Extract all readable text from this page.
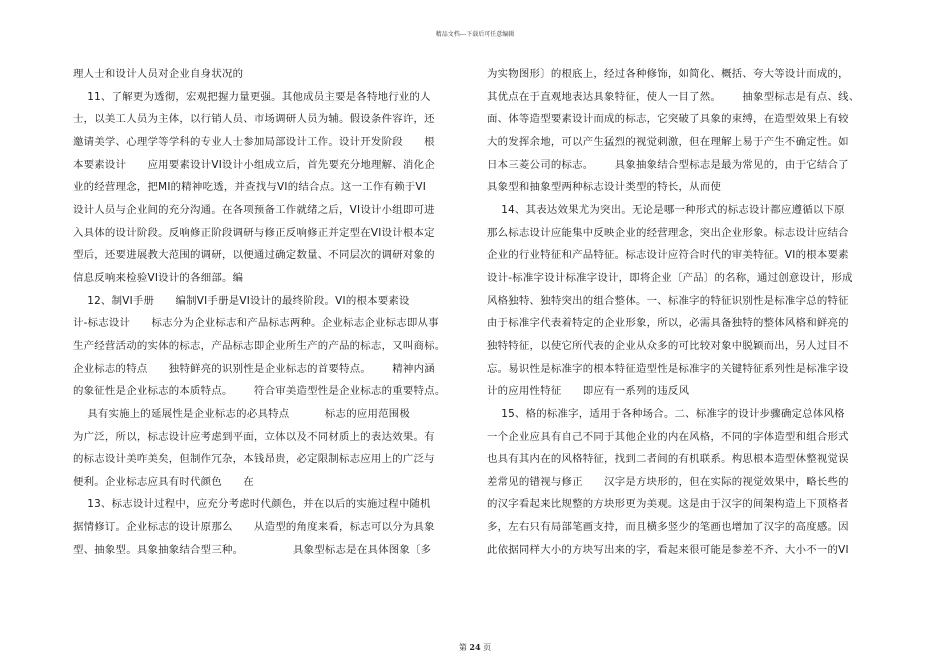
精品文档---下载后可任意编辑
理人士和设计人员对企业自身状况的
11、了解更为透彻，宏观把握力量更强。其他成员主要是各特地行业的人
士，以美工人员为主体，以行销人员、市场调研人员为辅。假设条件容许，还
邀请美学、心理学等学科的专业人士参加局部设计工作。设计开发阶段      根
本要素设计      应用要素设计VI设计小组成立后，首先要充分地理解、消化企
业的经营理念，把MI的精神吃透，并查找与VI的结合点。这一工作有赖于VI
设计人员与企业间的充分沟通。在各项预备工作就绪之后，VI设计小组即可进
入具体的设计阶段。反响修正阶段调研与修正反响修正并定型在VI设计根本定
型后，还要进展教大范围的调研，以便通过确定数量、不同层次的调研对象的
信息反响来检验VI设计的各细部。编
12、制VI手册      编制VI手册是VI设计的最终阶段。VI的根本要素设
计-标志设计      标志分为企业标志和产品标志两种。企业标志企业标志即从事
生产经营活动的实体的标志，产品标志即企业所生产的产品的标志，又叫商标。
企业标志的特点      独特鲜亮的识别性是企业标志的首要特点。      精神内涵
的象征性是企业标志的本质特点。      符合审美造型性是企业标志的重要特点。
具有实施上的延展性是企业标志的必具特点          标志的应用范围极
为广泛，所以，标志设计应考虑到平面，立体以及不同材质上的表达效果。有
的标志设计美咋美矣，但制作冗杂，本钱昂贵，必定限制标志应用上的广泛与
便利。企业标志应具有时代颜色      在
13、标志设计过程中，应充分考虑时代颜色，并在以后的实施过程中随机
据情修订。企业标志的设计原那么      从造型的角度来看，标志可以分为具象
型、抽象型。具象抽象结合型三种。              具象型标志是在具体图象〔多
为实物图形〕的根底上，经过各种修饰，如简化、概括、夸大等设计而成的，
其优点在于直观地表达具象特征，使人一目了然。      抽象型标志是有点、线、
面、体等造型要素设计而成的标志，它突破了具象的束缚，在造型效果上有较
大的发挥余地，可以产生猛烈的视觉刺激，但在理解上易于产生不确定性。如
日本三菱公司的标志。      具象抽象结合型标志是最为常见的，由于它结合了
具象型和抽象型两种标志设计类型的特长，从而使
14、其表达效果尤为突出。无论是哪一种形式的标志设计都应遵循以下原
那么标志设计应能集中反映企业的经营理念，突出企业形象。标志设计应结合
企业的行业特征和产品特征。标志设计应符合时代的审美特征。VI的根本要素
设计-标准字设计标准字设计，即将企业〔产品〕的名称，通过创意设计，形成
风格独特、独特突出的组合整体。一、标准字的特征识别性是标准字总的特征
由于标准字代表着特定的企业形象，所以，必需具备独特的整体风格和鲜亮的
独特特征，以使它所代表的企业从众多的可比较对象中脱颖而出，另人过目不
忘。易识性是标准字的根本特征造型性是标准字的关键特征系列性是标准字设
计的应用性特征      即应有一系列的违反风
15、格的标准字，适用于各种场合。二、标准字的设计步骤确定总体风格
一个企业应具有自己不同于其他企业的内在风格，不同的字体造型和组合形式
也具有其内在的风格特征，找到二者间的有机联系。构思根本造型休整视觉误
差常见的错视与修正      汉字是方块形的，但在实际的视觉效果中，略长些的
的汉字看起来比规整的方块形更为美观。这是由于汉字的间架构造上下顶格者
多，左右只有局部笔画支持，而且横多竖少的笔画也增加了汉字的高度感。因
此依据同样大小的方块写出来的字，看起来很可能是参差不齐、大小不一的VI
第 24 页
